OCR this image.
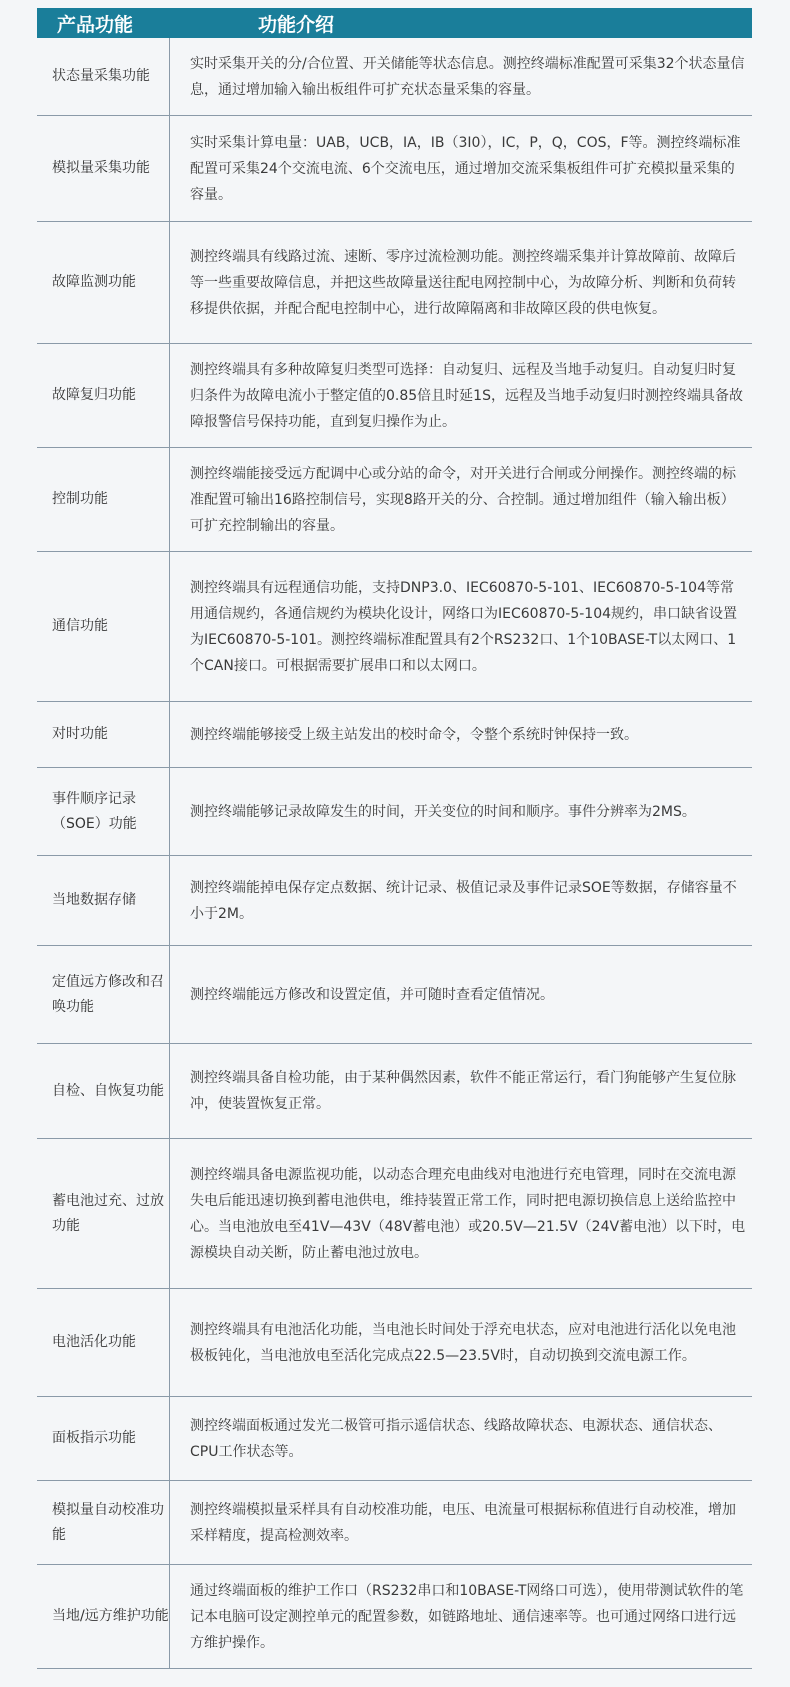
产品功能	功能介绍
状态量采集功能
实时采集开关的分/合位置、开关储能等状态信息。测控终端标准配置可采集32个状态量信息，通过增加输入输出板组件可扩充状态量采集的容量。
模拟量采集功能
实时采集计算电量：UAB，UCB，IA，IB（3I0），IC，P，Q，COS，F等。测控终端标准配置可采集24个交流电流、6个交流电压，通过增加交流采集板组件可扩充模拟量采集的容量。
故障监测功能
测控终端具有线路过流、速断、零序过流检测功能。测控终端采集并计算故障前、故障后等一些重要故障信息，并把这些故障量送往配电网控制中心，为故障分析、判断和负荷转移提供依据，并配合配电控制中心，进行故障隔离和非故障区段的供电恢复。
故障复归功能
测控终端具有多种故障复归类型可选择：自动复归、远程及当地手动复归。自动复归时复归条件为故障电流小于整定值的0.85倍且时延1S，远程及当地手动复归时测控终端具备故障报警信号保持功能，直到复归操作为止。
控制功能
测控终端能接受远方配调中心或分站的命令，对开关进行合闸或分闸操作。测控终端的标准配置可输出16路控制信号，实现8路开关的分、合控制。通过增加组件（输入输出板）可扩充控制输出的容量。
通信功能
测控终端具有远程通信功能，支持DNP3.0、IEC60870-5-101、IEC60870-5-104等常用通信规约，各通信规约为模块化设计，网络口为IEC60870-5-104规约，串口缺省设置为IEC60870-5-101。测控终端标准配置具有2个RS232口、1个10BASE-T以太网口、1个CAN接口。可根据需要扩展串口和以太网口。
对时功能	测控终端能够接受上级主站发出的校时命令，令整个系统时钟保持一致。
事件顺序记录（SOE）功能
测控终端能够记录故障发生的时间，开关变位的时间和顺序。事件分辨率为2MS。
当地数据存储
测控终端能掉电保存定点数据、统计记录、极值记录及事件记录SOE等数据，存储容量不小于2M。
定值远方修改和召唤功能
测控终端能远方修改和设置定值，并可随时查看定值情况。
自检、自恢复功能
测控终端具备自检功能，由于某种偶然因素，软件不能正常运行，看门狗能够产生复位脉冲，使装置恢复正常。
蓄电池过充、过放功能
测控终端具备电源监视功能，以动态合理充电曲线对电池进行充电管理，同时在交流电源失电后能迅速切换到蓄电池供电，维持装置正常工作，同时把电源切换信息上送给监控中心。当电池放电至41V—43V（48V蓄电池）或20.5V—21.5V（24V蓄电池）以下时，电源模块自动关断，防止蓄电池过放电。
电池活化功能
测控终端具有电池活化功能，当电池长时间处于浮充电状态，应对电池进行活化以免电池极板钝化，当电池放电至活化完成点22.5—23.5V时，自动切换到交流电源工作。
面板指示功能
测控终端面板通过发光二极管可指示遥信状态、线路故障状态、电源状态、通信状态、CPU工作状态等。
模拟量自动校准功能
测控终端模拟量采样具有自动校准功能，电压、电流量可根据标称值进行自动校准，增加采样精度，提高检测效率。
当地/远方维护功能
通过终端面板的维护工作口（RS232串口和10BASE-T网络口可选），使用带测试软件的笔记本电脑可设定测控单元的配置参数，如链路地址、通信速率等。也可通过网络口进行远方维护操作。
